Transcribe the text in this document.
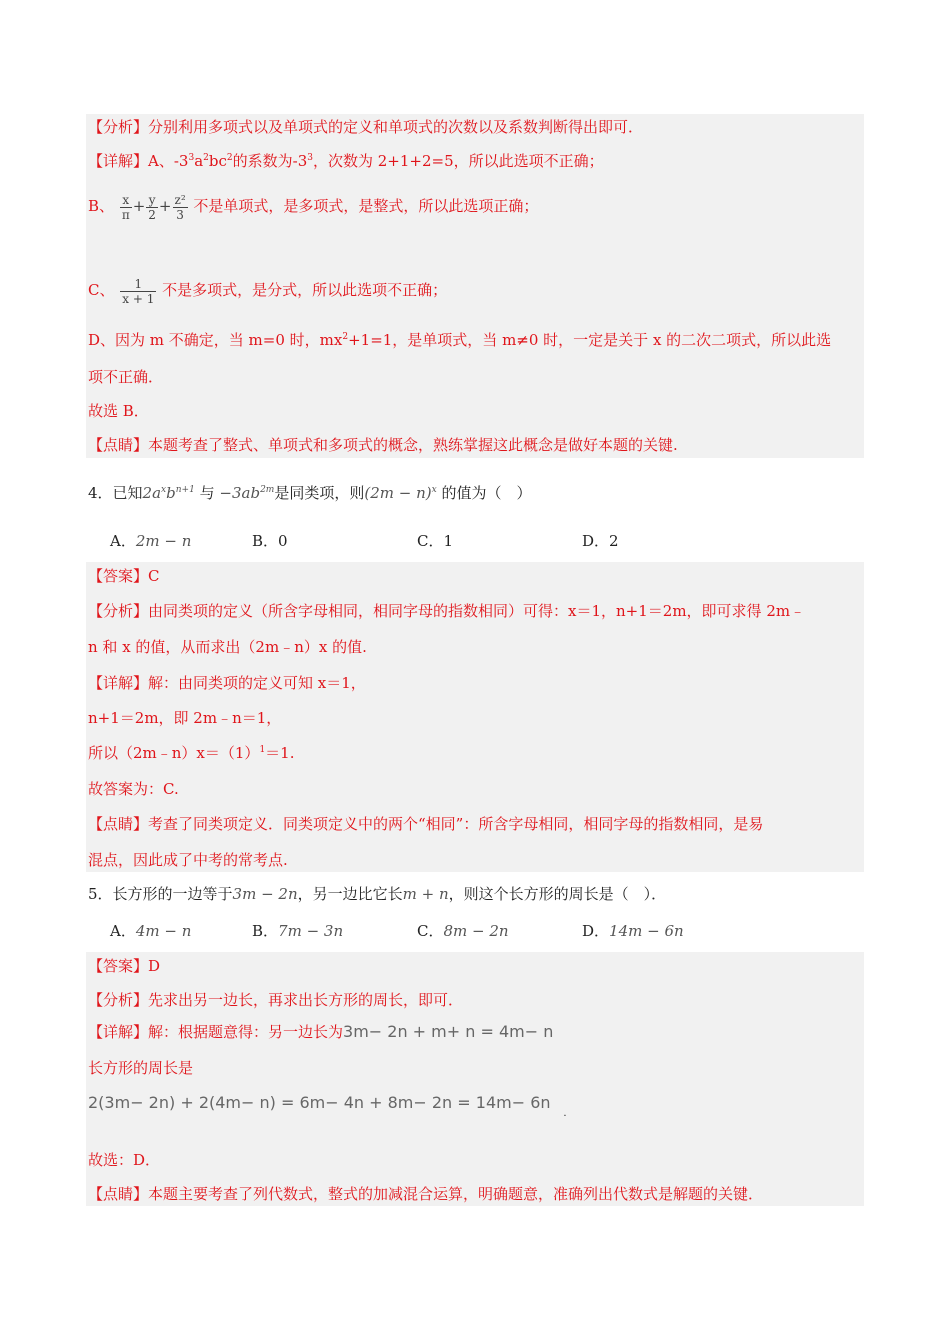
【分析】分别利用多项式以及单项式的定义和单项式的次数以及系数判断得出即可．
【详解】A、$-3^3a^2bc^2$的系数为$-3^3$，次数为 2+1+2=5，所以此选项不正确；
B、 $\frac{x}{\pi} + \frac{y}{2} + \frac{\text{z²}}{3}$ 不是单项式，是多项式，是整式，所以此选项正确；
C、 $\frac{1}{x + 1}$ 不是多项式，是分式，所以此选项不正确；
D、因为 m 不确定，当 m=0 时，$mx^2+1=1$，是单项式，当 m≠0 时，一定是关于 x 的二次二项式，所以此选
项不正确．
故选 B．
【点睛】本题考查了整式、单项式和多项式的概念，熟练掌握这此概念是做好本题的关键.
4．已知$2a^xb^{n+1}$ 与 $-3ab^{2m}$是同类项，则$(2m - n)^x$ 的值为（　）
A．2m − n	B．0	C．1	D．2
【答案】C
【分析】由同类项的定义（所含字母相同，相同字母的指数相同）可得：x＝1，n+1＝2m，即可求得 2m﹣
n 和 x 的值，从而求出（2m﹣n）x 的值.
【详解】解：由同类项的定义可知 x＝1，
n+1＝2m，即 2m﹣n＝1，
所以$(2m﹣n)x=(1)^1=1$.
故答案为：C.
【点睛】考查了同类项定义．同类项定义中的两个“相同”：所含字母相同，相同字母的指数相同，是易
混点，因此成了中考的常考点.
5．长方形的一边等于3m − 2n，另一边比它长m + n，则这个长方形的周长是（　）．
A．4m − n	B．7m − 3n	C．8m − 2n	D．14m − 6n
【答案】D
【分析】先求出另一边长，再求出长方形的周长，即可．
【详解】解：根据题意得：另一边长为3m− 2n + m+ n = 4m− n
长方形的周长是
2(3m− 2n) + 2(4m− n) = 6m− 4n + 8m− 2n = 14m− 6n $_.$
故选：D．
【点睛】本题主要考查了列代数式，整式的加减混合运算，明确题意，准确列出代数式是解题的关键．
